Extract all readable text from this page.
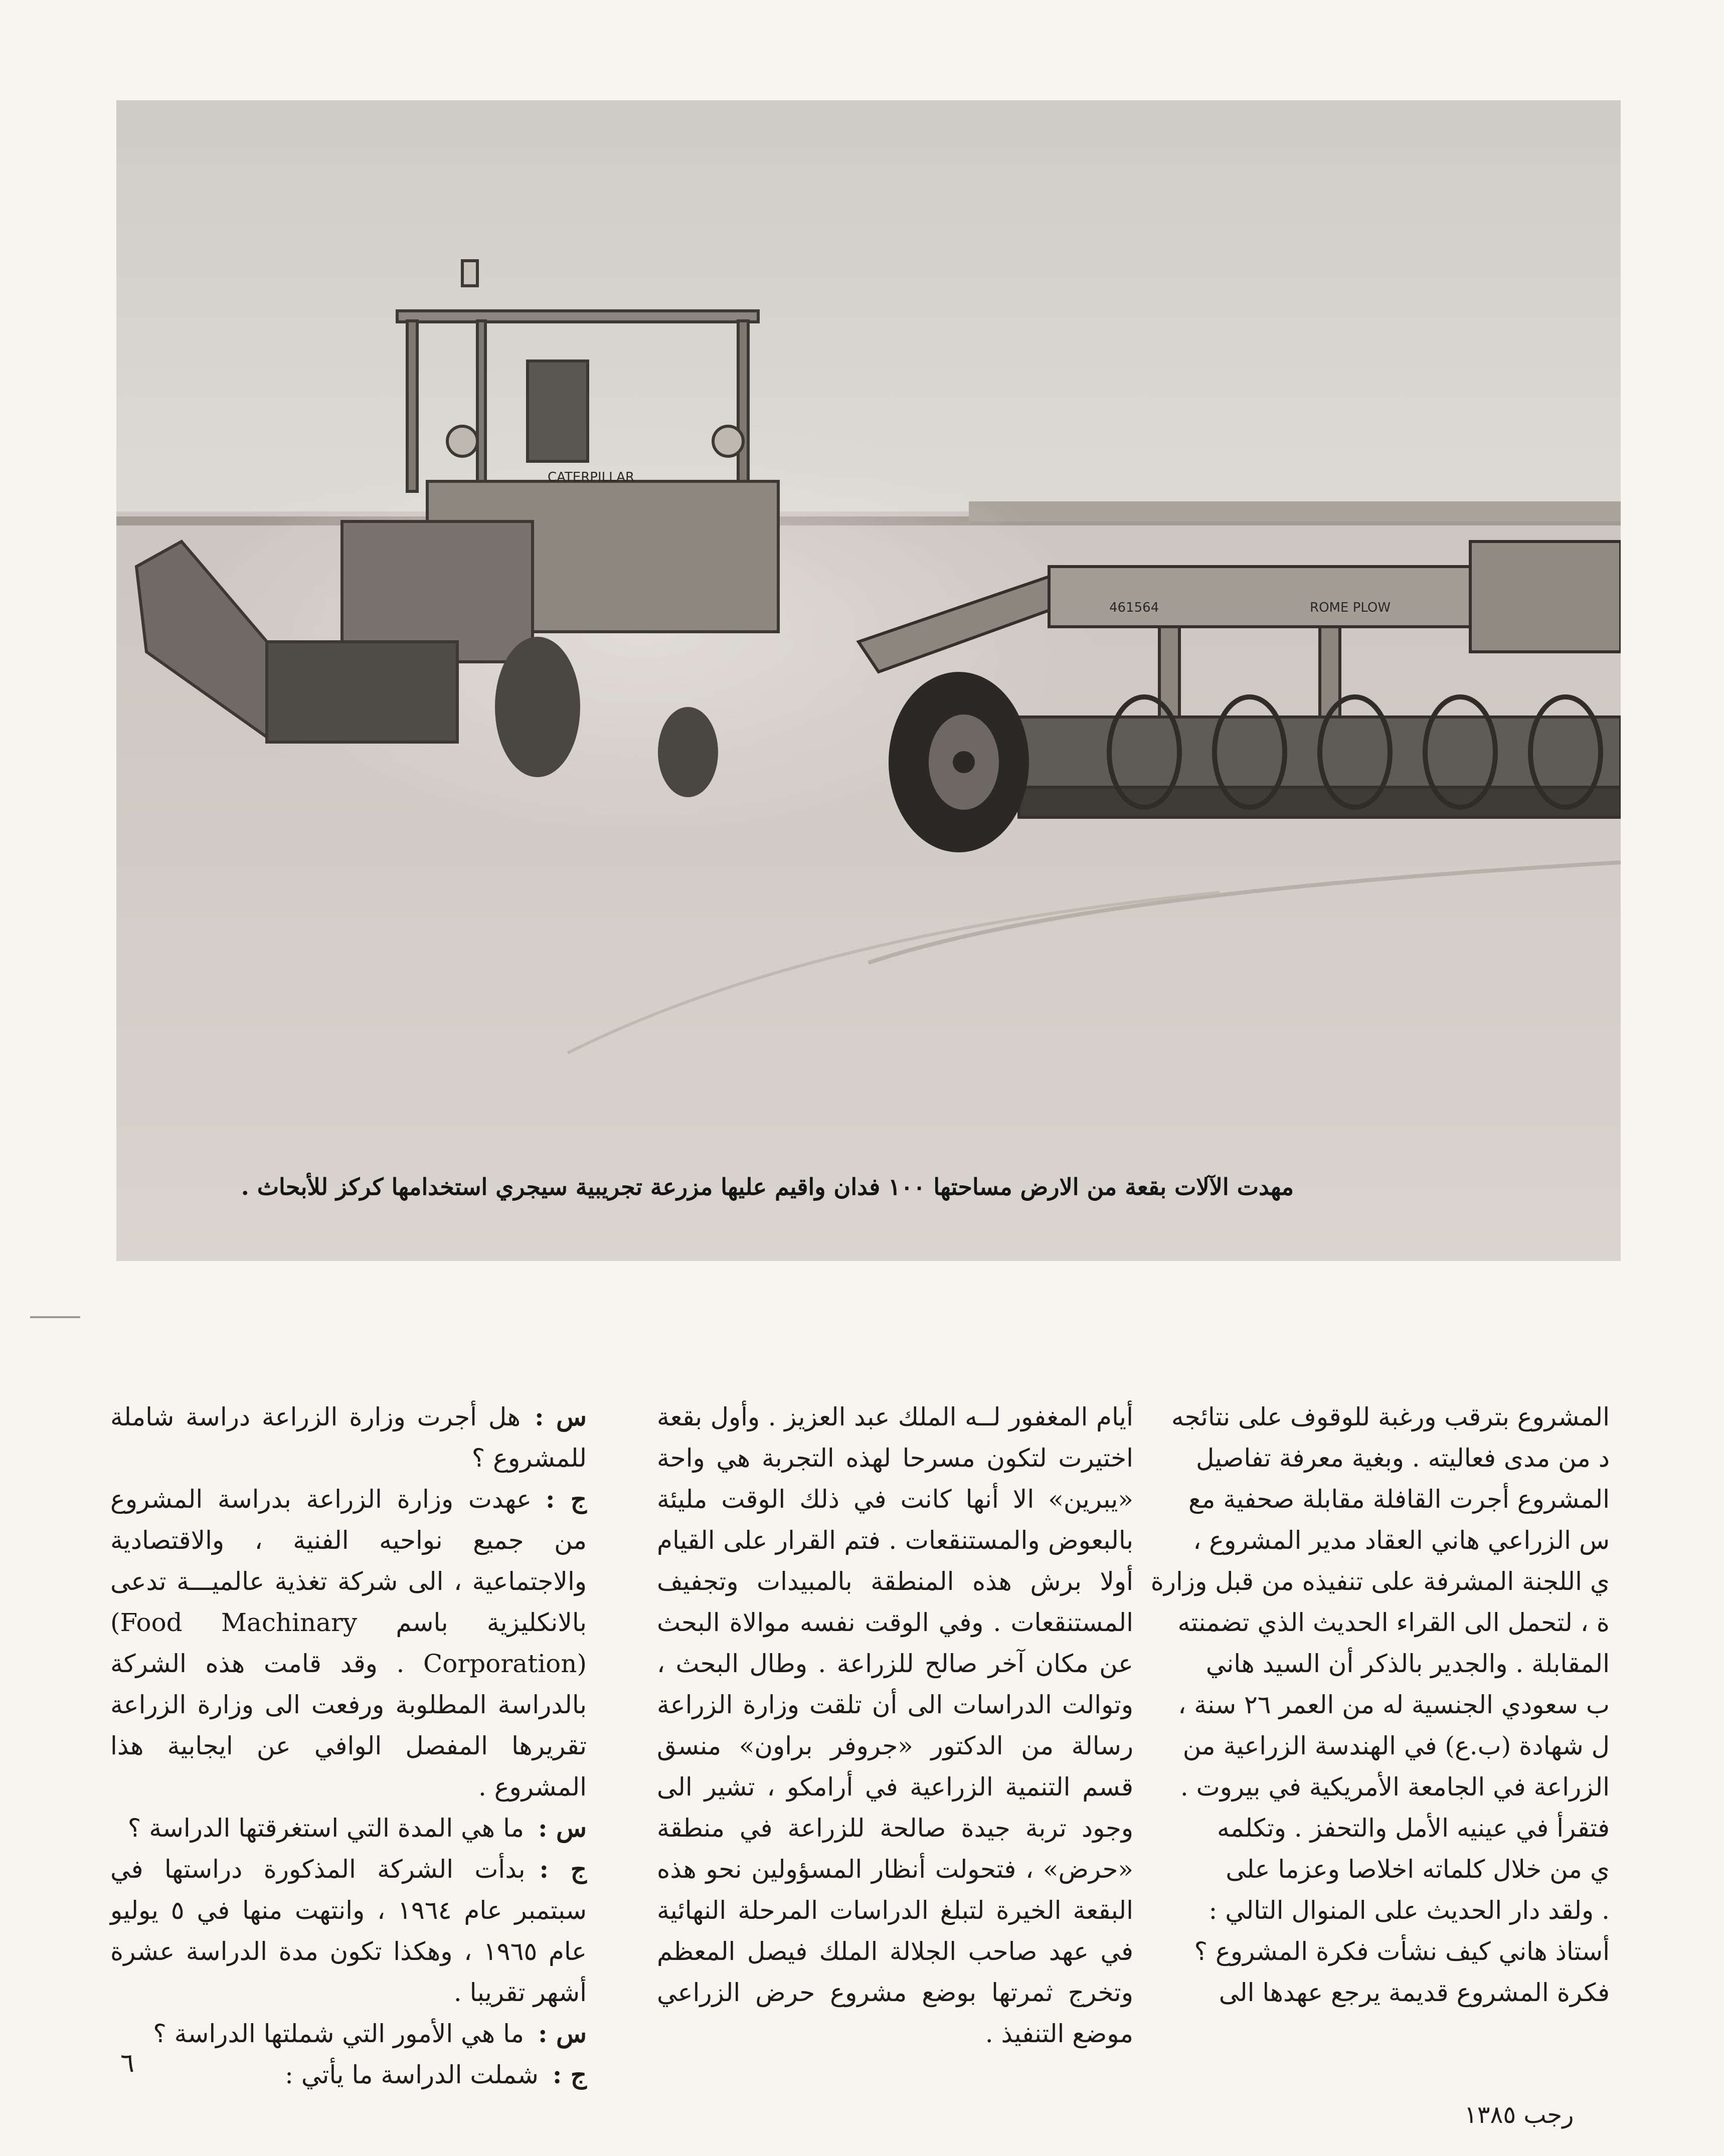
CATERPILLAR
461564	ROME PLOW
مهدت الآلات بقعة من الارض مساحتها ١٠٠ فدان واقيم عليها مزرعة تجريبية سيجري استخدامها كركز للأبحاث .

المشروع بترقب ورغبة للوقوف على نتائجه

د من مدى فعاليته . وبغية معرفة تفاصيل

المشروع أجرت القافلة مقابلة صحفية مع

س الزراعي هاني العقاد مدير المشروع ،

ي اللجنة المشرفة على تنفيذه من قبل وزارة

ة ، لتحمل الى القراء الحديث الذي تضمنته

المقابلة . والجدير بالذكر أن السيد هاني

ب سعودي الجنسية له من العمر ٢٦ سنة ،

ل شهادة (ب.ع) في الهندسة الزراعية من

الزراعة في الجامعة الأمريكية في بيروت .

فتقرأ في عينيه الأمل والتحفز . وتكلمه

ي من خلال كلماته اخلاصا وعزما على

. ولقد دار الحديث على المنوال التالي :

أستاذ هاني كيف نشأت فكرة المشروع ؟

فكرة المشروع قديمة يرجع عهدها الى

أيام المغفور لــه الملك عبد العزيز . وأول بقعة اختيرت لتكون مسرحا لهذه التجربة هي واحة «يبرين» الا أنها كانت في ذلك الوقت مليئة بالبعوض والمستنقعات . فتم القرار على القيام أولا برش هذه المنطقة بالمبيدات وتجفيف المستنقعات . وفي الوقت نفسه موالاة البحث عن مكان آخر صالح للزراعة . وطال البحث ، وتوالت الدراسات الى أن تلقت وزارة الزراعة رسالة من الدكتور «جروفر براون» منسق قسم التنمية الزراعية في أرامكو ، تشير الى وجود تربة جيدة صالحة للزراعة في منطقة «حرض» ، فتحولت أنظار المسؤولين نحو هذه البقعة الخيرة لتبلغ الدراسات المرحلة النهائية في عهد صاحب الجلالة الملك فيصل المعظم وتخرج ثمرتها بوضع مشروع حرض الزراعي موضع التنفيذ .

س :هل أجرت وزارة الزراعة دراسة شاملة للمشروع ؟

ج :عهدت وزارة الزراعة بدراسة المشروع من جميع نواحيه الفنية ، والاقتصادية والاجتماعية ، الى شركة تغذية عالميـــة تدعى بالانكليزية باسم (Food Machinary Corporation) . وقد قامت هذه الشركة بالدراسة المطلوبة ورفعت الى وزارة الزراعة تقريرها المفصل الوافي عن ايجابية هذا المشروع .

س :ما هي المدة التي استغرقتها الدراسة ؟

ج :بدأت الشركة المذكورة دراستها في سبتمبر عام ١٩٦٤ ، وانتهت منها في ٥ يوليو عام ١٩٦٥ ، وهكذا تكون مدة الدراسة عشرة أشهر تقريبا .

س :ما هي الأمور التي شملتها الدراسة ؟

ج :شملت الدراسة ما يأتي :

٦
رجب ١٣٨٥
